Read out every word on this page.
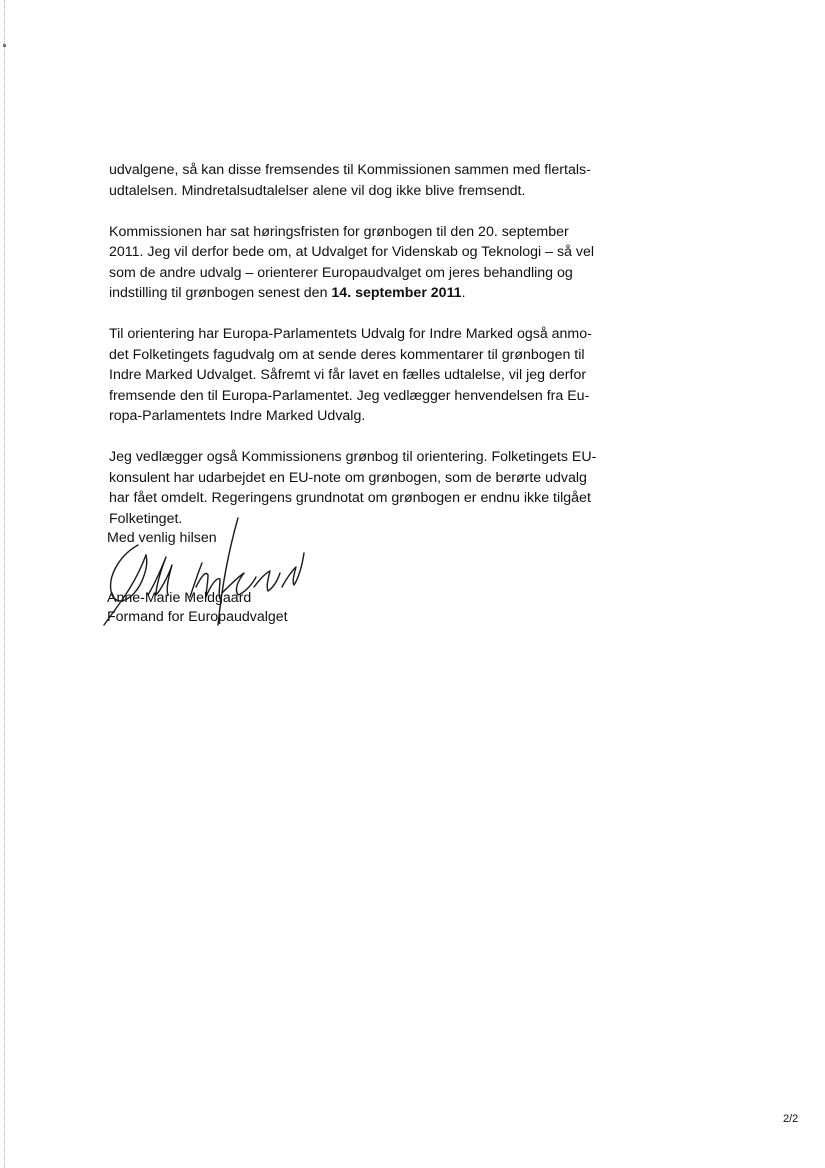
udvalgene, så kan disse fremsendes til Kommissionen sammen med flertals-
udtalelsen. Mindretalsudtalelser alene vil dog ikke blive fremsendt.

Kommissionen har sat høringsfristen for grønbogen til den 20. september
2011. Jeg vil derfor bede om, at Udvalget for Videnskab og Teknologi – så vel
som de andre udvalg – orienterer Europaudvalget om jeres behandling og
indstilling til grønbogen senest den 14. september 2011.

Til orientering har Europa-Parlamentets Udvalg for Indre Marked også anmo-
det Folketingets fagudvalg om at sende deres kommentarer til grønbogen til
Indre Marked Udvalget. Såfremt vi får lavet en fælles udtalelse, vil jeg derfor
fremsende den til Europa-Parlamentet. Jeg vedlægger henvendelsen fra Eu-
ropa-Parlamentets Indre Marked Udvalg.

Jeg vedlægger også Kommissionens grønbog til orientering. Folketingets EU-
konsulent har udarbejdet en EU-note om grønbogen, som de berørte udvalg
har fået omdelt. Regeringens grundnotat om grønbogen er endnu ikke tilgået
Folketinget.

Med venlig hilsen
Anne-Marie Meldgaard
Formand for Europaudvalget
2/2
